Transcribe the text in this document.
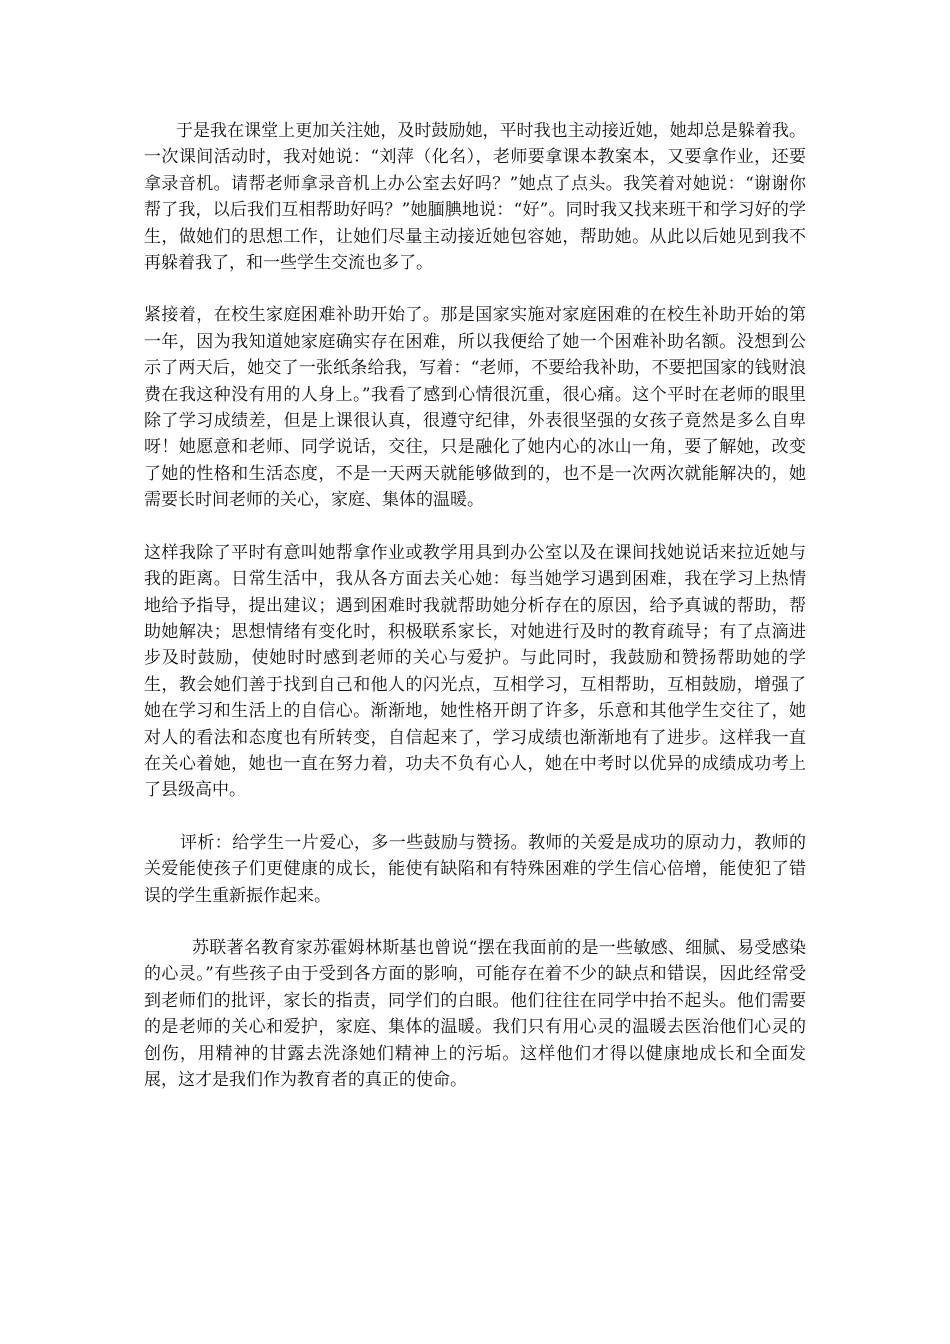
于是我在课堂上更加关注她，及时鼓励她，平时我也主动接近她，她却总是躲着我。一次课间活动时，我对她说：“刘萍（化名），老师要拿课本教案本，又要拿作业，还要拿录音机。请帮老师拿录音机上办公室去好吗？”她点了点头。我笑着对她说：“谢谢你帮了我，以后我们互相帮助好吗？”她腼腆地说：“好”。同时我又找来班干和学习好的学生，做她们的思想工作，让她们尽量主动接近她包容她，帮助她。从此以后她见到我不再躲着我了，和一些学生交流也多了。

紧接着，在校生家庭困难补助开始了。那是国家实施对家庭困难的在校生补助开始的第一年，因为我知道她家庭确实存在困难，所以我便给了她一个困难补助名额。没想到公示了两天后，她交了一张纸条给我，写着：“老师，不要给我补助，不要把国家的钱财浪费在我这种没有用的人身上。”我看了感到心情很沉重，很心痛。这个平时在老师的眼里除了学习成绩差，但是上课很认真，很遵守纪律，外表很坚强的女孩子竟然是多么自卑呀！她愿意和老师、同学说话，交往，只是融化了她内心的冰山一角，要了解她，改变了她的性格和生活态度，不是一天两天就能够做到的，也不是一次两次就能解决的，她需要长时间老师的关心，家庭、集体的温暖。

这样我除了平时有意叫她帮拿作业或教学用具到办公室以及在课间找她说话来拉近她与我的距离。日常生活中，我从各方面去关心她：每当她学习遇到困难，我在学习上热情地给予指导，提出建议；遇到困难时我就帮助她分析存在的原因，给予真诚的帮助，帮助她解决；思想情绪有变化时，积极联系家长，对她进行及时的教育疏导；有了点滴进步及时鼓励，使她时时感到老师的关心与爱护。与此同时，我鼓励和赞扬帮助她的学生，教会她们善于找到自己和他人的闪光点，互相学习，互相帮助，互相鼓励，增强了她在学习和生活上的自信心。渐渐地，她性格开朗了许多，乐意和其他学生交往了，她对人的看法和态度也有所转变，自信起来了，学习成绩也渐渐地有了进步。这样我一直在关心着她，她也一直在努力着，功夫不负有心人，她在中考时以优异的成绩成功考上了县级高中。

评析：给学生一片爱心，多一些鼓励与赞扬。教师的关爱是成功的原动力，教师的关爱能使孩子们更健康的成长，能使有缺陷和有特殊困难的学生信心倍增，能使犯了错误的学生重新振作起来。

苏联著名教育家苏霍姆林斯基也曾说“摆在我面前的是一些敏感、细腻、易受感染的心灵。”有些孩子由于受到各方面的影响，可能存在着不少的缺点和错误，因此经常受到老师们的批评，家长的指责，同学们的白眼。他们往往在同学中抬不起头。他们需要的是老师的关心和爱护，家庭、集体的温暖。我们只有用心灵的温暖去医治他们心灵的创伤，用精神的甘露去洗涤她们精神上的污垢。这样他们才得以健康地成长和全面发展，这才是我们作为教育者的真正的使命。
